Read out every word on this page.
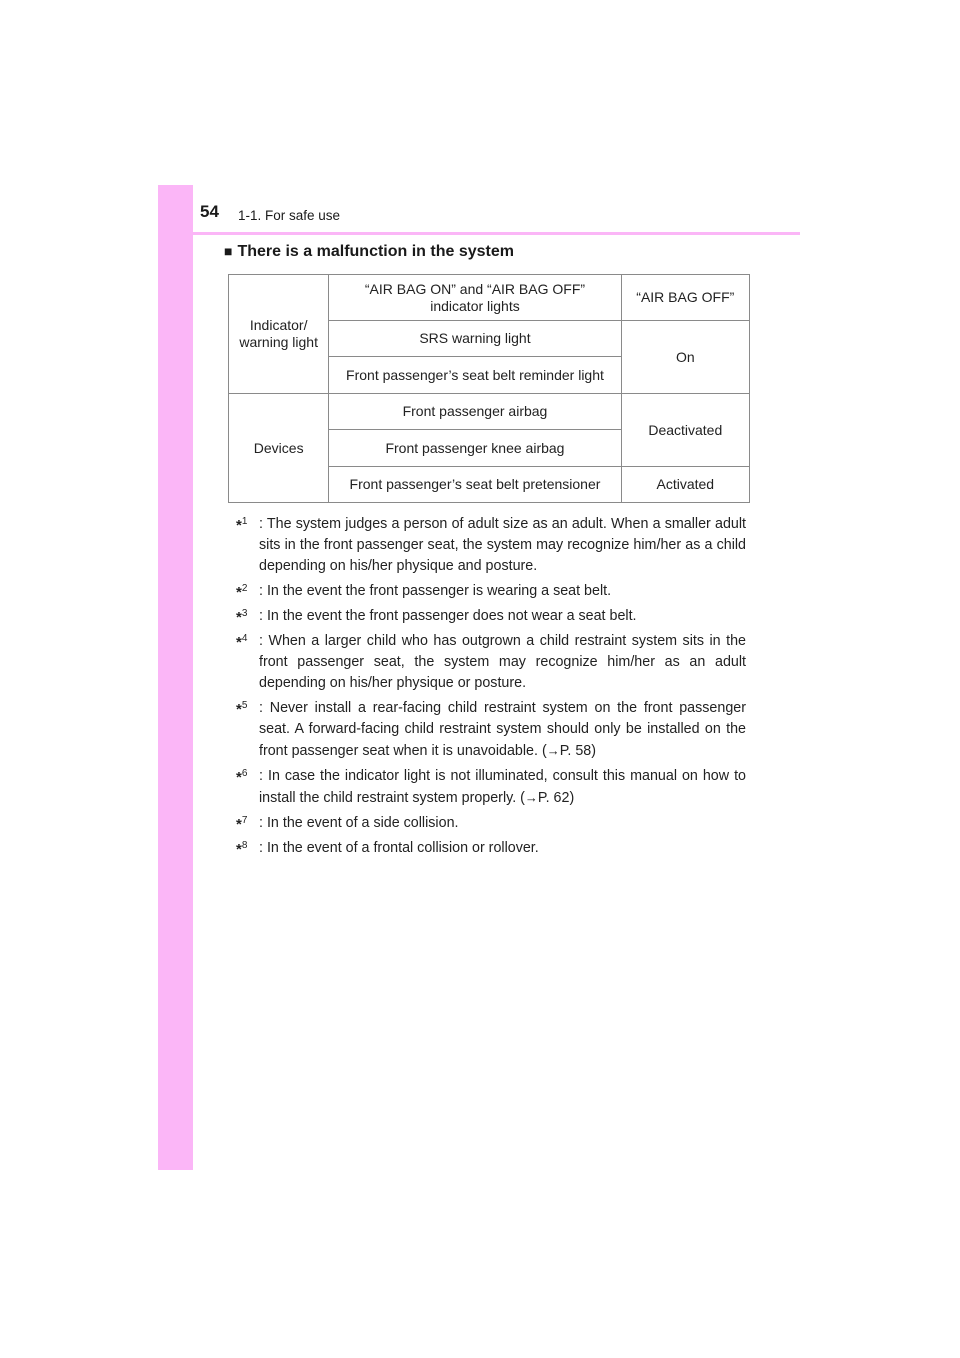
54 1-1. For safe use
■ There is a malfunction in the system
Indicator/ warning light	“AIR BAG ON” and “AIR BAG OFF” indicator lights	“AIR BAG OFF”
	SRS warning light	On
	Front passenger’s seat belt reminder light	
Devices	Front passenger airbag	Deactivated
	Front passenger knee airbag	
	Front passenger’s seat belt pretensioner	Activated
*$^1$	: The system judges a person of adult size as an adult. When a smaller adult sits in the front passenger seat, the system may recognize him/her as a child depending on his/her physique and posture.
*$^2$	: In the event the front passenger is wearing a seat belt.
*$^3$	: In the event the front passenger does not wear a seat belt.
*$^4$	: When a larger child who has outgrown a child restraint system sits in the front passenger seat, the system may recognize him/her as an adult depending on his/her physique or posture.
*$^5$	: Never install a rear-facing child restraint system on the front passenger seat. A forward-facing child restraint system should only be installed on the front passenger seat when it is unavoidable. (→P. 58)
*$^6$	: In case the indicator light is not illuminated, consult this manual on how to install the child restraint system properly. (→P. 62)
*$^7$	: In the event of a side collision.
*$^8$	: In the event of a frontal collision or rollover.
